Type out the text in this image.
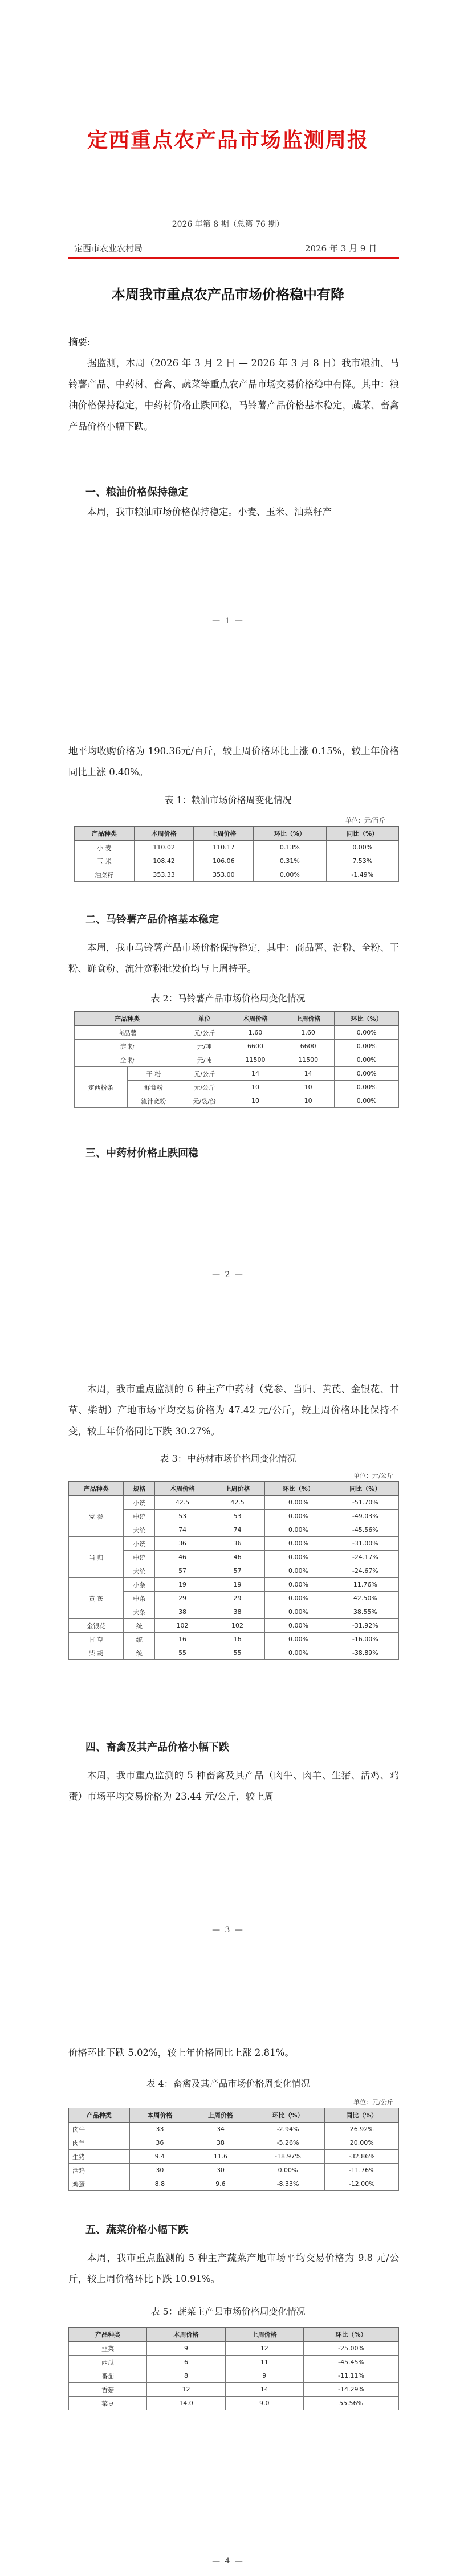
定西重点农产品市场监测周报
2026 年第 8 期（总第 76 期）
定西市农业农村局	2026 年 3 月 9 日
本周我市重点农产品市场价格稳中有降
摘要:
据监测，本周（2026 年 3 月 2 日 — 2026 年 3 月 8 日）我市粮油、马铃薯产品、中药材、畜禽、蔬菜等重点农产品市场交易价格稳中有降。其中：粮油价格保持稳定，中药材价格止跌回稳，马铃薯产品价格基本稳定，蔬菜、畜禽产品价格小幅下跌。
一、粮油价格保持稳定
本周，我市粮油市场价格保持稳定。小麦、玉米、油菜籽产
— 1 —
地平均收购价格为 190.36元/百斤，较上周价格环比上涨 0.15%，较上年价格同比上涨 0.40%。
表 1：粮油市场价格周变化情况
单位：元/百斤
产品种类	本周价格	上周价格	环比（%）	同比（%）
小 麦	110.02	110.17	0.13%	0.00%
玉 米	108.42	106.06	0.31%	7.53%
油菜籽	353.33	353.00	0.00%	-1.49%
二、马铃薯产品价格基本稳定
本周，我市马铃薯产品市场价格保持稳定，其中：商品薯、淀粉、全粉、干粉、鲜食粉、流汁宽粉批发价均与上周持平。
表 2：马铃薯产品市场价格周变化情况
产品种类		单位	本周价格	上周价格	环比（%）
商品薯		元/公斤	1.60	1.60	0.00%
淀 粉		元/吨	6600	6600	0.00%
全 粉		元/吨	11500	11500	0.00%
定西粉条	干 粉	元/公斤	14	14	0.00%
	鲜食粉	元/公斤	10	10	0.00%
	流汁宽粉	元/袋/份	10	10	0.00%
三、中药材价格止跌回稳
— 2 —
本周，我市重点监测的 6 种主产中药材（党参、当归、黄芪、金银花、甘草、柴胡）产地市场平均交易价格为 47.42 元/公斤，较上周价格环比保持不变，较上年价格同比下跌 30.27%。
表 3：中药材市场价格周变化情况
单位：元/公斤
产品种类	规格	本周价格	上周价格	环比（%）	同比（%）
党 参	小统	42.5	42.5	0.00%	-51.70%
	中统	53	53	0.00%	-49.03%
	大统	74	74	0.00%	-45.56%
当 归	小统	36	36	0.00%	-31.00%
	中统	46	46	0.00%	-24.17%
	大统	57	57	0.00%	-24.67%
黄 芪	小条	19	19	0.00%	11.76%
	中条	29	29	0.00%	42.50%
	大条	38	38	0.00%	38.55%
金银花	统	102	102	0.00%	-31.92%
甘 草	统	16	16	0.00%	-16.00%
柴 胡	统	55	55	0.00%	-38.89%
四、畜禽及其产品价格小幅下跌
本周，我市重点监测的 5 种畜禽及其产品（肉牛、肉羊、生猪、活鸡、鸡蛋）市场平均交易价格为 23.44 元/公斤，较上周
— 3 —
价格环比下跌 5.02%，较上年价格同比上涨 2.81%。
表 4：畜禽及其产品市场价格周变化情况
单位：元/公斤
产品种类	本周价格	上周价格	环比（%）	同比（%）
肉牛	33	34	-2.94%	26.92%
肉羊	36	38	-5.26%	20.00%
生猪	9.4	11.6	-18.97%	-32.86%
活鸡	30	30	0.00%	-11.76%
鸡蛋	8.8	9.6	-8.33%	-12.00%
五、蔬菜价格小幅下跌
本周，我市重点监测的 5 种主产蔬菜产地市场平均交易价格为 9.8 元/公斤，较上周价格环比下跌 10.91%。
表 5：蔬菜主产县市场价格周变化情况
产品种类	本周价格	上周价格	环比（%）
韭菜	9	12	-25.00%
西瓜	6	11	-45.45%
番茄	8	9	-11.11%
香菇	12	14	-14.29%
菜豆	14.0	9.0	55.56%
— 4 —
